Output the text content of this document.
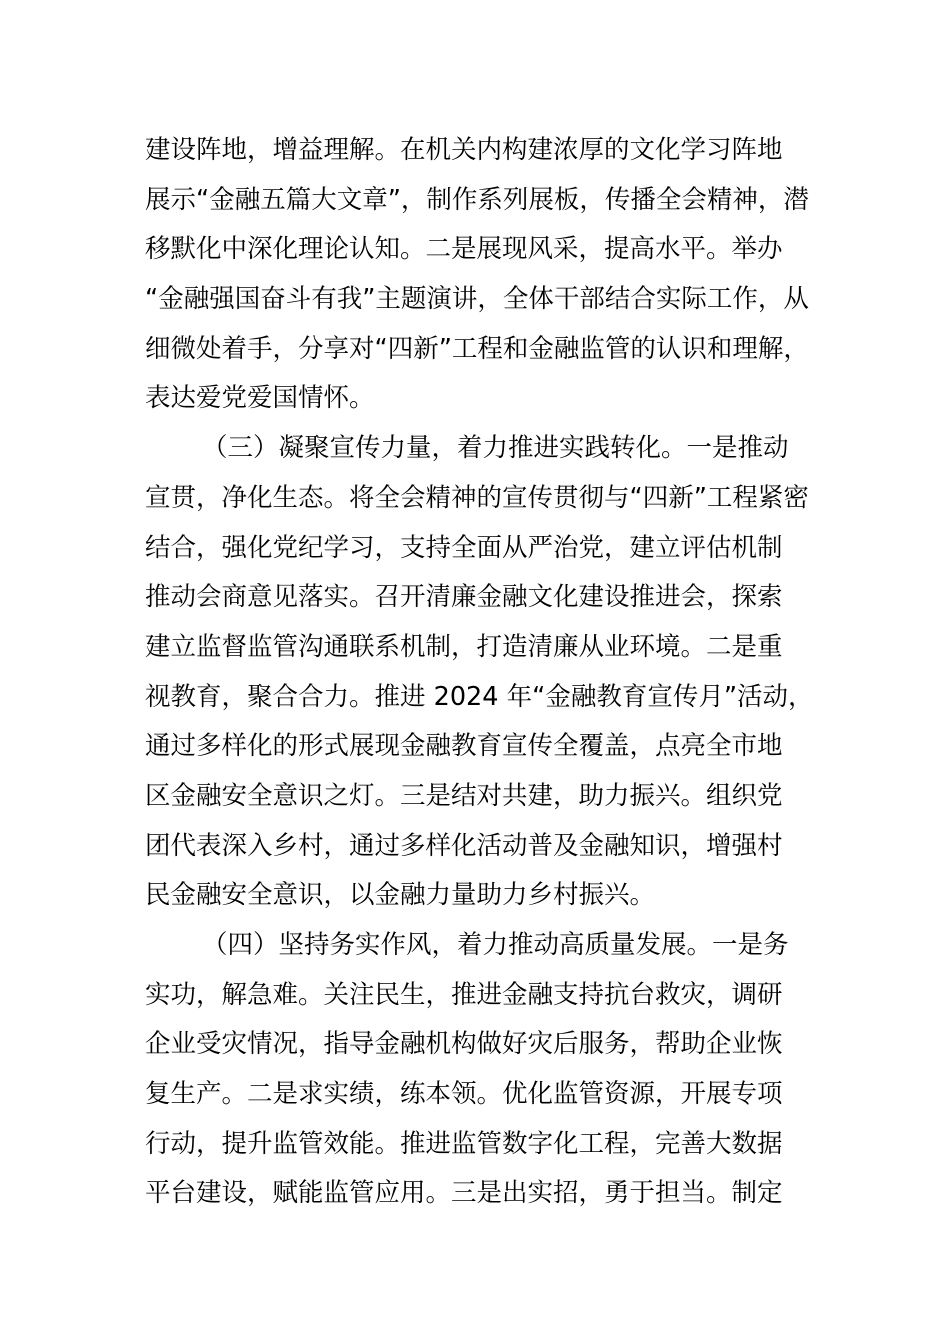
建设阵地，增益理解。在机关内构建浓厚的文化学习阵地
展示“金融五篇大文章”，制作系列展板，传播全会精神，潜
移默化中深化理论认知。二是展现风采，提高水平。举办
“金融强国奋斗有我”主题演讲，全体干部结合实际工作，从
细微处着手，分享对“四新”工程和金融监管的认识和理解，
表达爱党爱国情怀。
（三）凝聚宣传力量，着力推进实践转化。一是推动
宣贯，净化生态。将全会精神的宣传贯彻与“四新”工程紧密
结合，强化党纪学习，支持全面从严治党，建立评估机制
推动会商意见落实。召开清廉金融文化建设推进会，探索
建立监督监管沟通联系机制，打造清廉从业环境。二是重
视教育，聚合合力。推进 2024 年“金融教育宣传月”活动，
通过多样化的形式展现金融教育宣传全覆盖，点亮全市地
区金融安全意识之灯。三是结对共建，助力振兴。组织党
团代表深入乡村，通过多样化活动普及金融知识，增强村
民金融安全意识，以金融力量助力乡村振兴。
（四）坚持务实作风，着力推动高质量发展。一是务
实功，解急难。关注民生，推进金融支持抗台救灾，调研
企业受灾情况，指导金融机构做好灾后服务，帮助企业恢
复生产。二是求实绩，练本领。优化监管资源，开展专项
行动，提升监管效能。推进监管数字化工程，完善大数据
平台建设，赋能监管应用。三是出实招，勇于担当。制定
